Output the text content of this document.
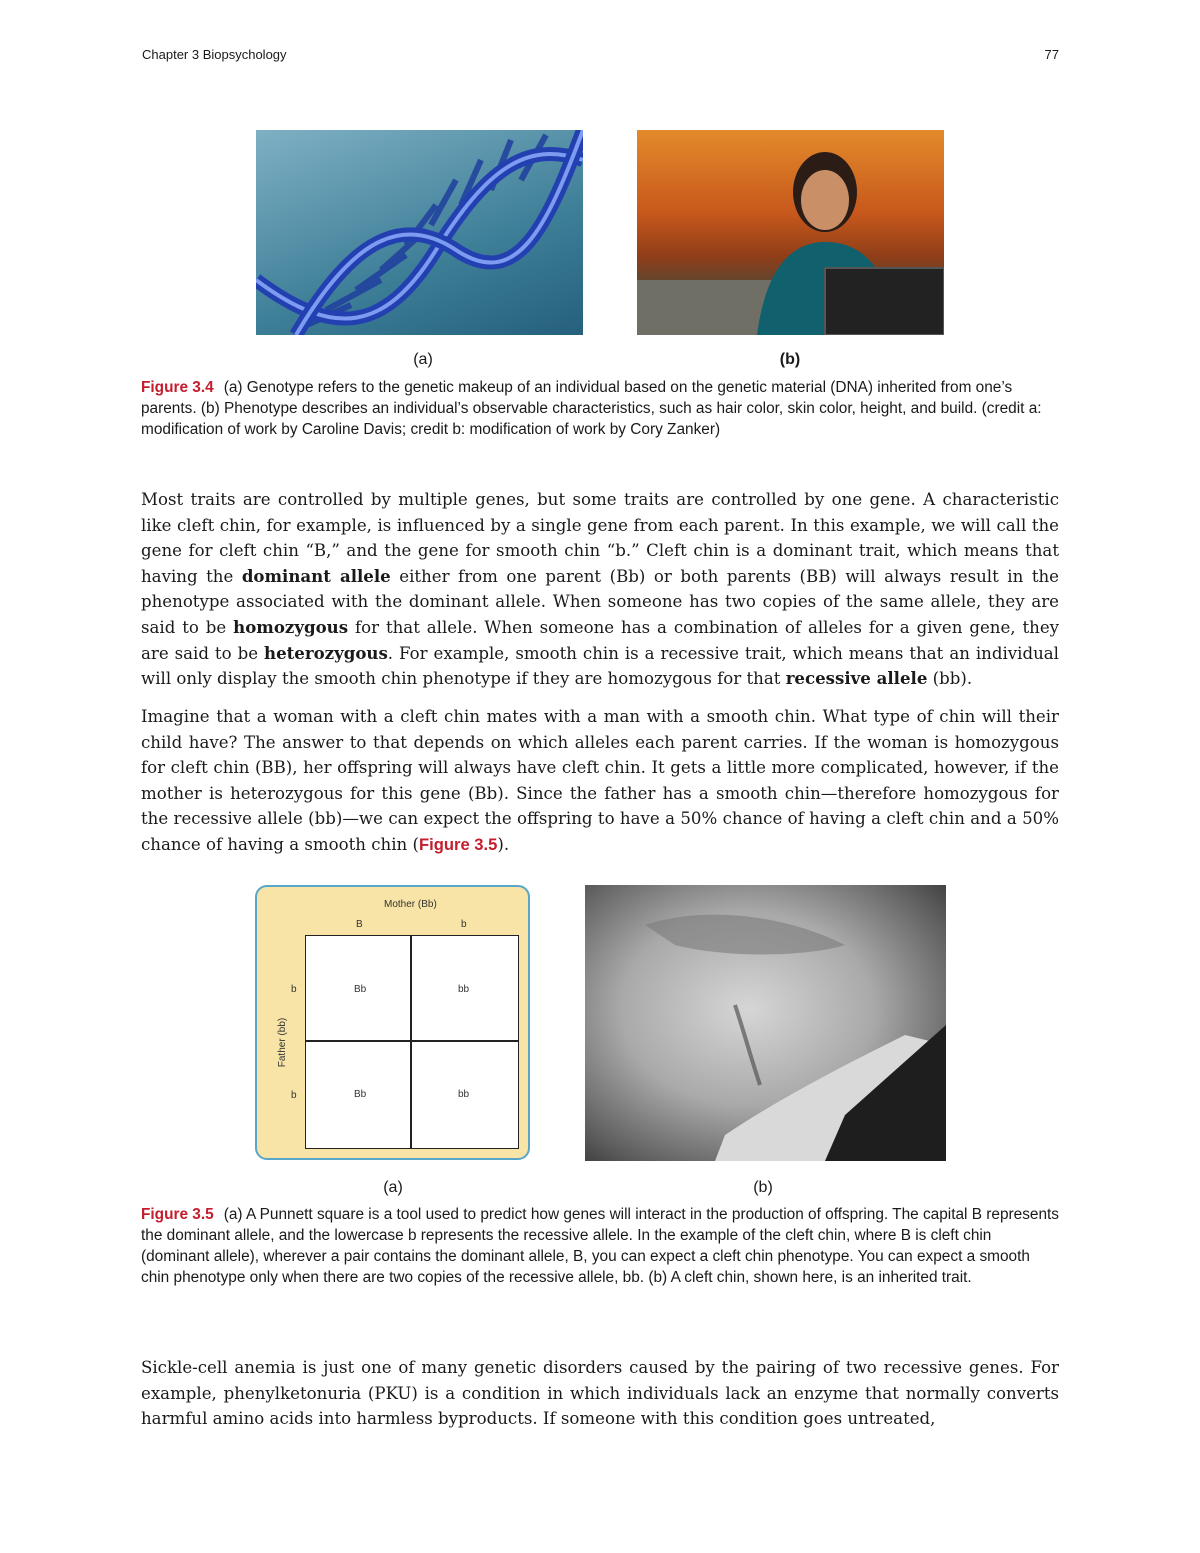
Chapter 3 Biopsychology	77
(a)	(b)
Figure 3.4 (a) Genotype refers to the genetic makeup of an individual based on the genetic material (DNA) inherited from one’s parents. (b) Phenotype describes an individual’s observable characteristics, such as hair color, skin color, height, and build. (credit a: modification of work by Caroline Davis; credit b: modification of work by Cory Zanker)

Most traits are controlled by multiple genes, but some traits are controlled by one gene. A characteristic like cleft chin, for example, is influenced by a single gene from each parent. In this example, we will call the gene for cleft chin “B,” and the gene for smooth chin “b.” Cleft chin is a dominant trait, which means that having the dominant allele either from one parent (Bb) or both parents (BB) will always result in the phenotype associated with the dominant allele. When someone has two copies of the same allele, they are said to be homozygous for that allele. When someone has a combination of alleles for a given gene, they are said to be heterozygous. For example, smooth chin is a recessive trait, which means that an individual will only display the smooth chin phenotype if they are homozygous for that recessive allele (bb).

Imagine that a woman with a cleft chin mates with a man with a smooth chin. What type of chin will their child have? The answer to that depends on which alleles each parent carries. If the woman is homozygous for cleft chin (BB), her offspring will always have cleft chin. It gets a little more complicated, however, if the mother is heterozygous for this gene (Bb). Since the father has a smooth chin—therefore homozygous for the recessive allele (bb)—we can expect the offspring to have a 50% chance of having a cleft chin and a 50% chance of having a smooth chin (Figure 3.5).

Mother (Bb)
B	b
Father (bb)
b
b
Bb	bb
Bb	bb
(a)	(b)
Figure 3.5 (a) A Punnett square is a tool used to predict how genes will interact in the production of offspring. The capital B represents the dominant allele, and the lowercase b represents the recessive allele. In the example of the cleft chin, where B is cleft chin (dominant allele), wherever a pair contains the dominant allele, B, you can expect a cleft chin phenotype. You can expect a smooth chin phenotype only when there are two copies of the recessive allele, bb. (b) A cleft chin, shown here, is an inherited trait.

Sickle-cell anemia is just one of many genetic disorders caused by the pairing of two recessive genes. For example, phenylketonuria (PKU) is a condition in which individuals lack an enzyme that normally converts harmful amino acids into harmless byproducts. If someone with this condition goes untreated,
